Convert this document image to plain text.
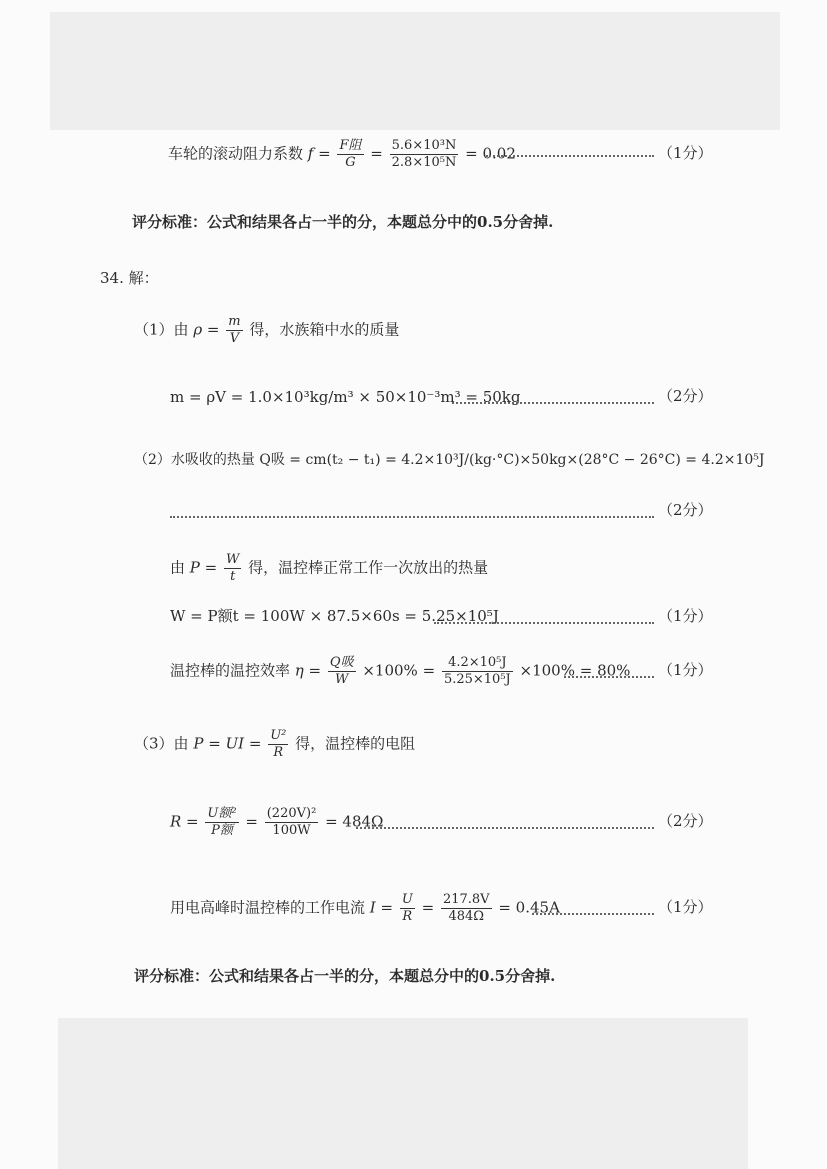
车轮的滚动阻力系数 $f = \frac{\text{F阻}}{G} = \frac{\text{5.6×10³N}}{\text{2.8×10⁵N}} = 0.02$	（1分）
评分标准：公式和结果各占一半的分，本题总分中的0.5分舍掉.
34. 解：
（1）由 $\rho = \frac{m}{V}$ 得，水族箱中水的质量
m = ρV = 1.0×10³kg/m³ × 50×10⁻³m³ = 50kg	（2分）
（2）水吸收的热量 Q吸 = cm(t₂ − t₁) = 4.2×10³J/(kg·°C)×50kg×(28°C − 26°C) = 4.2×10⁵J
（2分）
由 $P = \frac{W}{t}$ 得，温控棒正常工作一次放出的热量
W = P额t = 100W × 87.5×60s = 5.25×10⁵J	（1分）
温控棒的温控效率 $\eta = \frac{\text{Q吸}}{W} \times 100\% = \frac{\text{4.2×10⁵J}}{\text{5.25×10⁵J}} \times 100\% = 80\%$ （1分）
（3）由 P = UI = $\frac{\text{U²}}{R}$ 得，温控棒的电阻
$R = \frac{\text{U额²}}{\text{P额}} = \frac{\text{(220V)²}}{100W} = 484\Omega$	（2分）
用电高峰时温控棒的工作电流 $I = \frac{U}{R} = \frac{217.8V}{484\Omega} = 0.45A$	（1分）
评分标准：公式和结果各占一半的分，本题总分中的0.5分舍掉.
